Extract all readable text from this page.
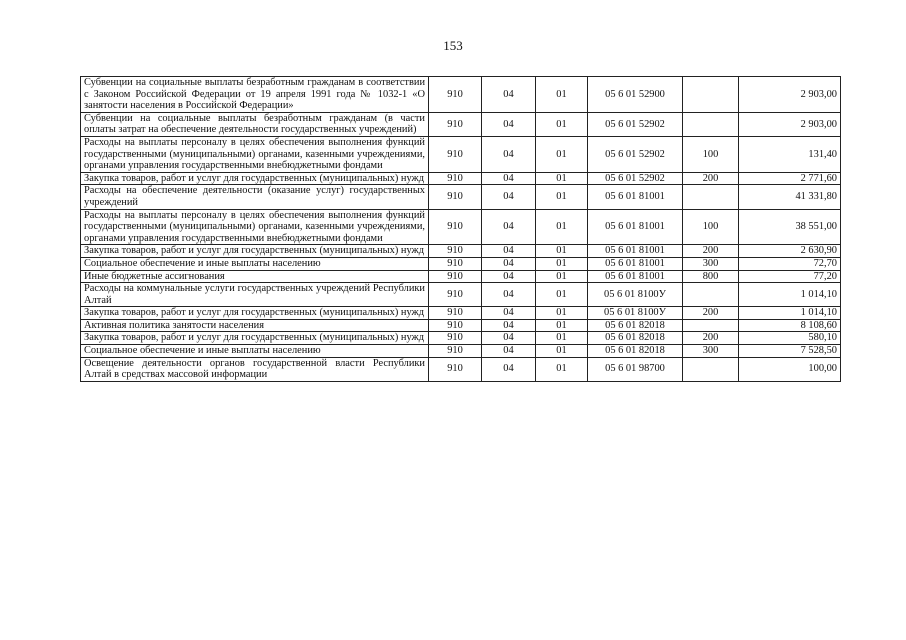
153
Субвенции на социальные выплаты безработным гражданам в соответствии с Законом Российской Федерации от 19 апреля 1991 года № 1032-1 «О занятости населения в Российской Федерации»	910	04	01	05 6 01 52900		2 903,00
Субвенции на социальные выплаты безработным гражданам (в части оплаты затрат на обеспечение деятельности государственных учреждений)	910	04	01	05 6 01 52902		2 903,00
Расходы на выплаты персоналу в целях обеспечения выполнения функций государственными (муниципальными) органами, казенными учреждениями, органами управления государственными внебюджетными фондами	910	04	01	05 6 01 52902	100	131,40
Закупка товаров, работ и услуг для государственных (муниципальных) нужд	910	04	01	05 6 01 52902	200	2 771,60
Расходы на обеспечение деятельности (оказание услуг) государственных учреждений	910	04	01	05 6 01 81001		41 331,80
Расходы на выплаты персоналу в целях обеспечения выполнения функций государственными (муниципальными) органами, казенными учреждениями, органами управления государственными внебюджетными фондами	910	04	01	05 6 01 81001	100	38 551,00
Закупка товаров, работ и услуг для государственных (муниципальных) нужд	910	04	01	05 6 01 81001	200	2 630,90
Социальное обеспечение и иные выплаты населению	910	04	01	05 6 01 81001	300	72,70
Иные бюджетные ассигнования	910	04	01	05 6 01 81001	800	77,20
Расходы на коммунальные услуги государственных учреждений Республики Алтай	910	04	01	05 6 01 8100У		1 014,10
Закупка товаров, работ и услуг для государственных (муниципальных) нужд	910	04	01	05 6 01 8100У	200	1 014,10
Активная политика занятости населения	910	04	01	05 6 01 82018		8 108,60
Закупка товаров, работ и услуг для государственных (муниципальных) нужд	910	04	01	05 6 01 82018	200	580,10
Социальное обеспечение и иные выплаты населению	910	04	01	05 6 01 82018	300	7 528,50
Освещение деятельности органов государственной власти Республики Алтай в средствах массовой информации	910	04	01	05 6 01 98700		100,00
